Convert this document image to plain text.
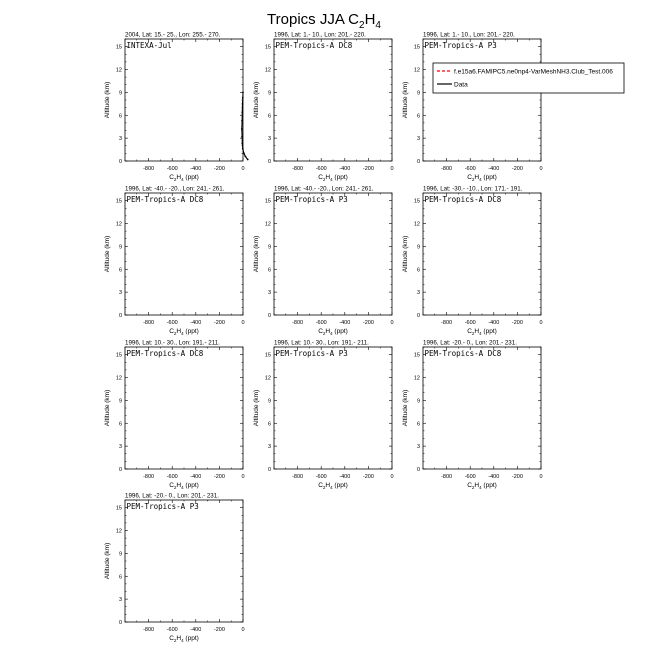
Tropics JJA $C_2H_4$
2004, Lat: 15.- 25., Lon: 255.- 270.
INTEXA-Jul
-800 -600 -400 -200	0
0
3
6
9
12
15
$C_2H_4$ (ppt)
Altitude (km)
1996, Lat: 1.- 10., Lon: 201.- 220.
PEM-Tropics-A DC8
-800 -600 -400 -200	0
0
3
6
9
12
15
$C_2H_4$ (ppt)
Altitude (km)
1996, Lat: 1.- 10., Lon: 201.- 220.
PEM-Tropics-A P3
-800 -600 -400 -200	0
0
3
6
9
12
15
$C_2H_4$ (ppt)
Altitude (km)
1996, Lat: -40.- -20., Lon: 241.- 261.
PEM-Tropics-A DC8
-800 -600 -400 -200	0
0
3
6
9
12
15
$C_2H_4$ (ppt)
Altitude (km)
1996, Lat: -40.- -20., Lon: 241.- 261.
PEM-Tropics-A P3
-800 -600 -400 -200	0
0
3
6
9
12
15
$C_2H_4$ (ppt)
Altitude (km)
1996, Lat: -30.- -10., Lon: 171.- 191.
PEM-Tropics-A DC8
-800 -600 -400 -200	0
0
3
6
9
12
15
$C_2H_4$ (ppt)
Altitude (km)
1996, Lat: 10.- 30., Lon: 191.- 211.
PEM-Tropics-A DC8
-800 -600 -400 -200	0
0
3
6
9
12
15
$C_2H_4$ (ppt)
Altitude (km)
1996, Lat: 10.- 30., Lon: 191.- 211.
PEM-Tropics-A P3
-800 -600 -400 -200	0
0
3
6
9
12
15
$C_2H_4$ (ppt)
Altitude (km)
1996, Lat: -20.- 0., Lon: 201.- 231.
PEM-Tropics-A DC8
-800 -600 -400 -200	0
0
3
6
9
12
15
$C_2H_4$ (ppt)
Altitude (km)
1996, Lat: -20.- 0., Lon: 201.- 231.
PEM-Tropics-A P3
-800 -600 -400 -200	0
0
3
6
9
12
15
$C_2H_4$ (ppt)
Altitude (km)
f.e15a6.FAMIPC5.ne0np4-VarMeshNH3.Club_Test.006
Data
